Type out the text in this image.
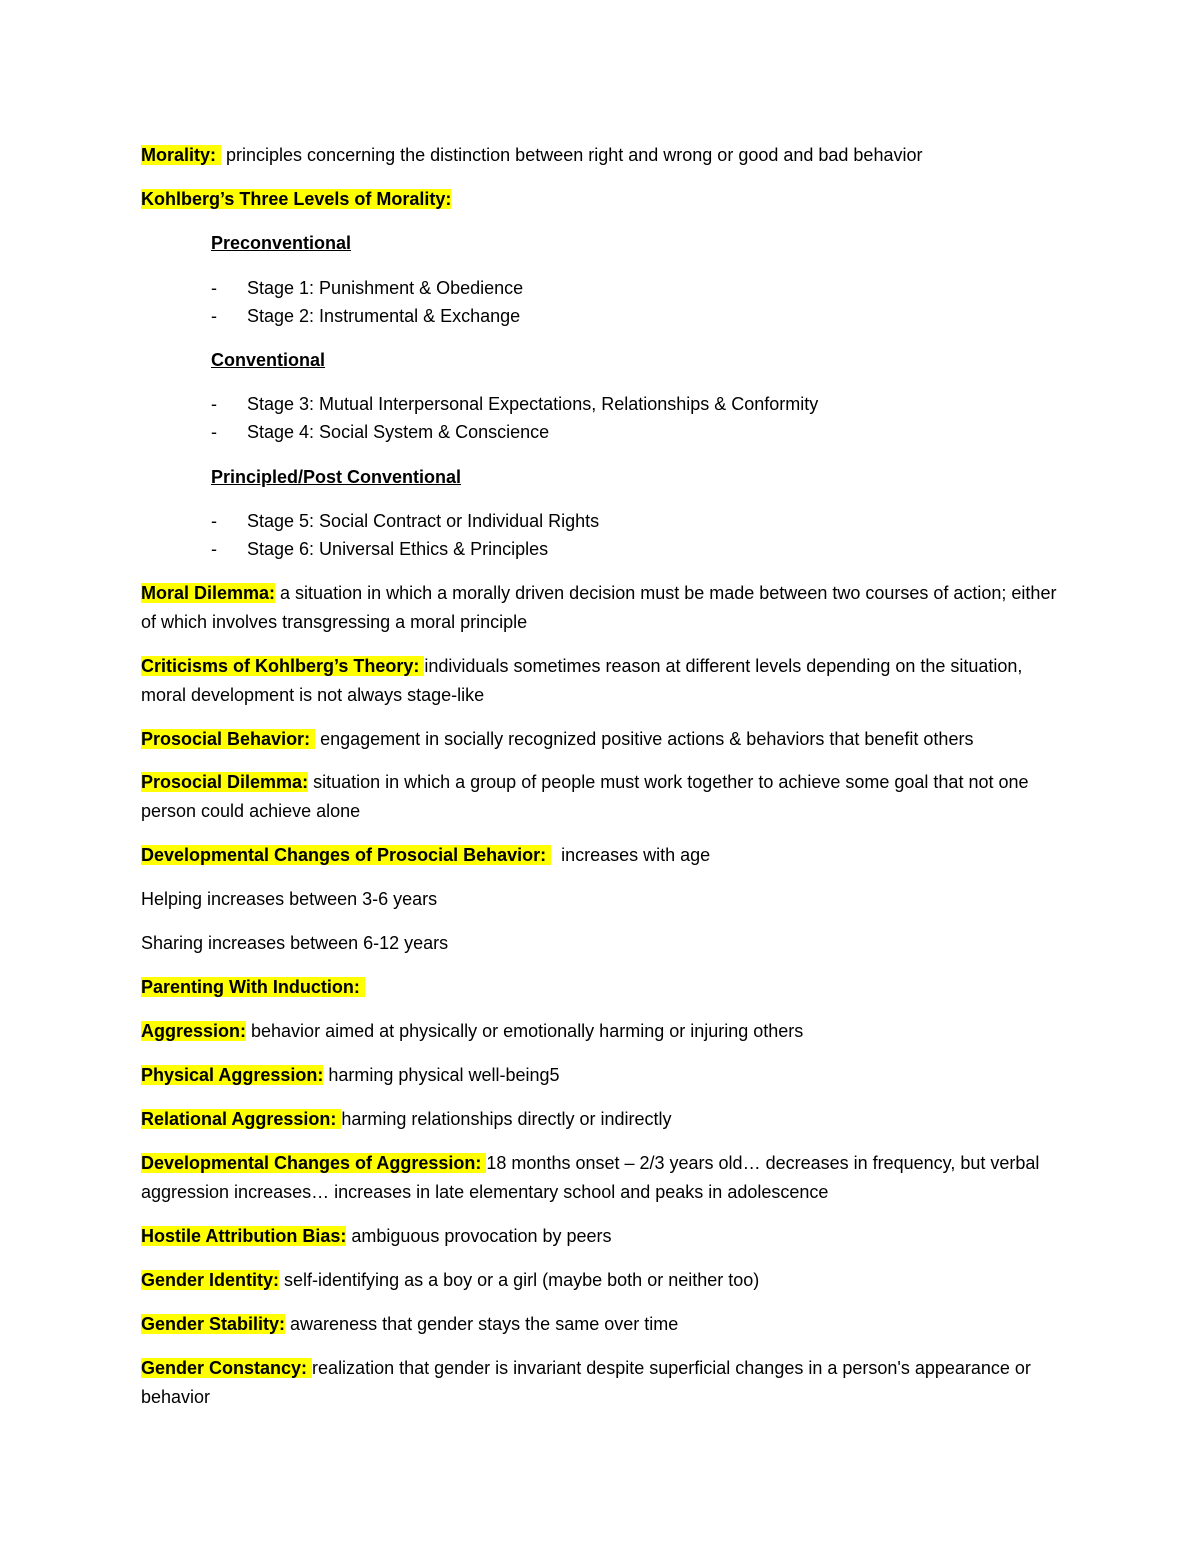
Morality:  principles concerning the distinction between right and wrong or good and bad behavior
Kohlberg’s Three Levels of Morality:
Preconventional
- Stage 1: Punishment & Obedience
- Stage 2: Instrumental & Exchange
Conventional
- Stage 3: Mutual Interpersonal Expectations, Relationships & Conformity
- Stage 4: Social System & Conscience
Principled/Post Conventional
- Stage 5: Social Contract or Individual Rights
- Stage 6: Universal Ethics & Principles
Moral Dilemma: a situation in which a morally driven decision must be made between two courses of action; either of which involves transgressing a moral principle
Criticisms of Kohlberg’s Theory: individuals sometimes reason at different levels depending on the situation, moral development is not always stage-like
Prosocial Behavior:  engagement in socially recognized positive actions & behaviors that benefit others
Prosocial Dilemma: situation in which a group of people must work together to achieve some goal that not one person could achieve alone
Developmental Changes of Prosocial Behavior:   increases with age
Helping increases between 3-6 years
Sharing increases between 6-12 years
Parenting With Induction:
Aggression: behavior aimed at physically or emotionally harming or injuring others
Physical Aggression: harming physical well-being5
Relational Aggression: harming relationships directly or indirectly
Developmental Changes of Aggression: 18 months onset – 2/3 years old… decreases in frequency, but verbal aggression increases… increases in late elementary school and peaks in adolescence
Hostile Attribution Bias: ambiguous provocation by peers
Gender Identity: self-identifying as a boy or a girl (maybe both or neither too)
Gender Stability: awareness that gender stays the same over time
Gender Constancy: realization that gender is invariant despite superficial changes in a person's appearance or behavior
